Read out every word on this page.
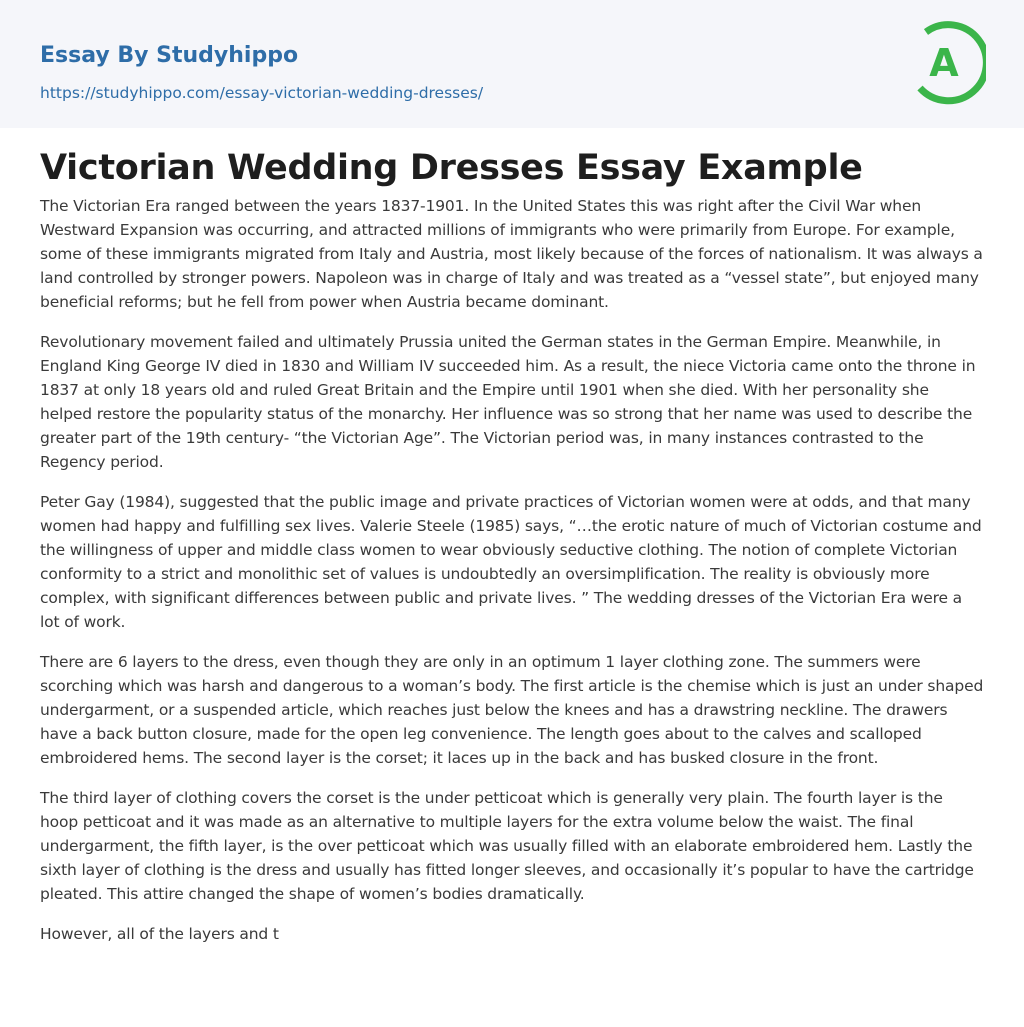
Essay By Studyhippo
https://studyhippo.com/essay-victorian-wedding-dresses/
A
Victorian Wedding Dresses Essay Example

The Victorian Era ranged between the years 1837-1901. In the United States this was right after the Civil War when Westward Expansion was occurring, and attracted millions of immigrants who were primarily from Europe. For example, some of these immigrants migrated from Italy and Austria, most likely because of the forces of nationalism. It was always a land controlled by stronger powers. Napoleon was in charge of Italy and was treated as a “vessel state”, but enjoyed many beneficial reforms; but he fell from power when Austria became dominant.

Revolutionary movement failed and ultimately Prussia united the German states in the German Empire. Meanwhile, in England King George IV died in 1830 and William IV succeeded him. As a result, the niece Victoria came onto the throne in 1837 at only 18 years old and ruled Great Britain and the Empire until 1901 when she died. With her personality she helped restore the popularity status of the monarchy. Her influence was so strong that her name was used to describe the greater part of the 19th century- “the Victorian Age”. The Victorian period was, in many instances contrasted to the Regency period.

Peter Gay (1984), suggested that the public image and private practices of Victorian women were at odds, and that many women had happy and fulfilling sex lives. Valerie Steele (1985) says, “…the erotic nature of much of Victorian costume and the willingness of upper and middle class women to wear obviously seductive clothing. The notion of complete Victorian conformity to a strict and monolithic set of values is undoubtedly an oversimplification. The reality is obviously more complex, with significant differences between public and private lives. ” The wedding dresses of the Victorian Era were a lot of work.

There are 6 layers to the dress, even though they are only in an optimum 1 layer clothing zone. The summers were scorching which was harsh and dangerous to a woman’s body. The first article is the chemise which is just an under shaped undergarment, or a suspended article, which reaches just below the knees and has a drawstring neckline. The drawers have a back button closure, made for the open leg convenience. The length goes about to the calves and scalloped embroidered hems. The second layer is the corset; it laces up in the back and has busked closure in the front.

The third layer of clothing covers the corset is the under petticoat which is generally very plain. The fourth layer is the hoop petticoat and it was made as an alternative to multiple layers for the extra volume below the waist. The final undergarment, the fifth layer, is the over petticoat which was usually filled with an elaborate embroidered hem. Lastly the sixth layer of clothing is the dress and usually has fitted longer sleeves, and occasionally it’s popular to have the cartridge pleated. This attire changed the shape of women’s bodies dramatically.

However, all of the layers and t
